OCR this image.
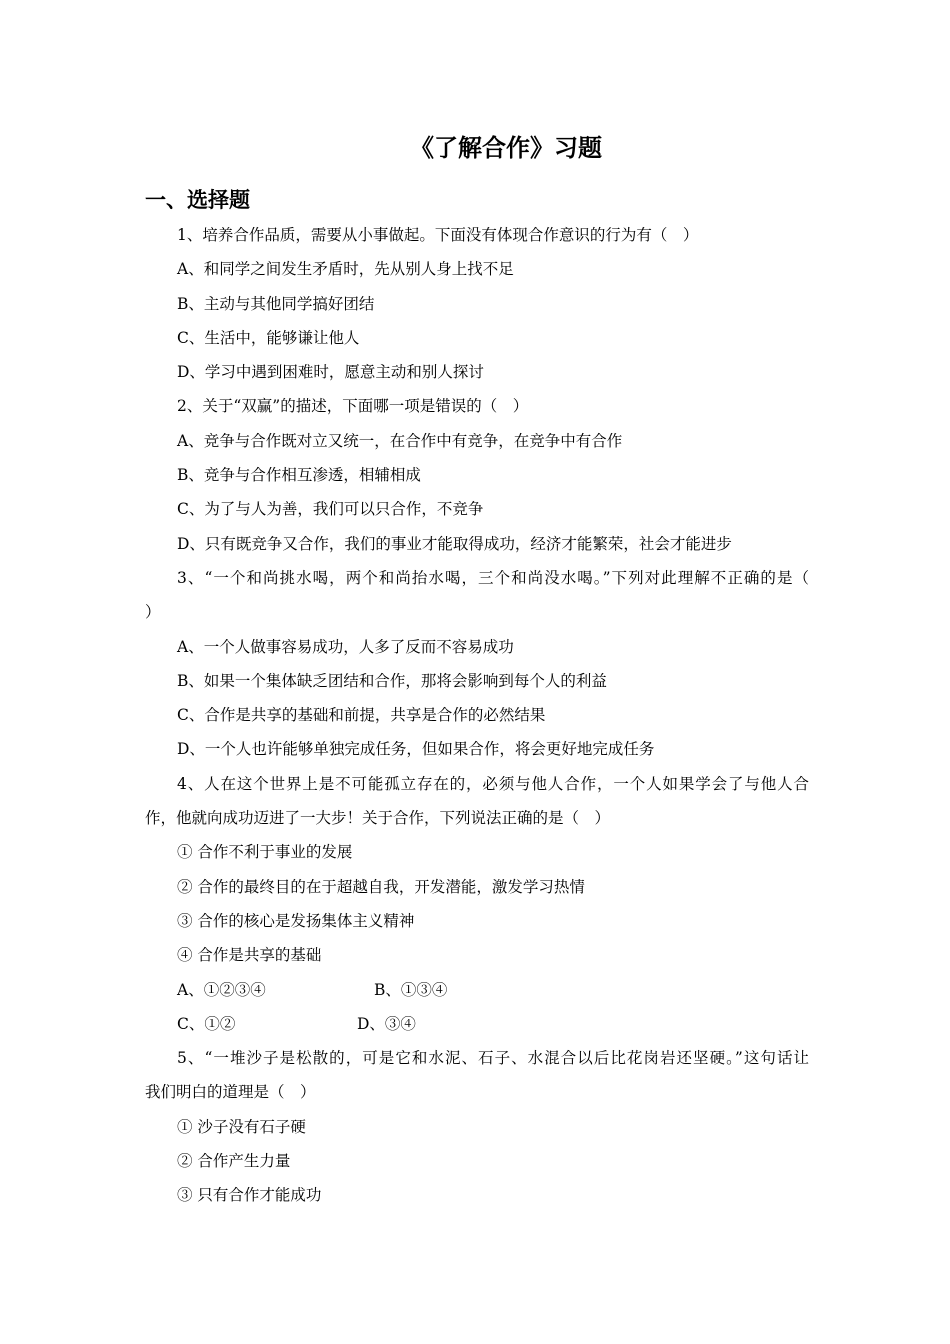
《了解合作》习题
一、选择题
1、培养合作品质，需要从小事做起。下面没有体现合作意识的行为有（　）
A、和同学之间发生矛盾时，先从别人身上找不足
B、主动与其他同学搞好团结
C、生活中，能够谦让他人
D、学习中遇到困难时，愿意主动和别人探讨
2、关于“双赢”的描述，下面哪一项是错误的（　）
A、竞争与合作既对立又统一，在合作中有竞争，在竞争中有合作
B、竞争与合作相互渗透，相辅相成
C、为了与人为善，我们可以只合作，不竞争
D、只有既竞争又合作，我们的事业才能取得成功，经济才能繁荣，社会才能进步
3、“一个和尚挑水喝，两个和尚抬水喝，三个和尚没水喝。”下列对此理解不正确的是（
）
A、一个人做事容易成功，人多了反而不容易成功
B、如果一个集体缺乏团结和合作，那将会影响到每个人的利益
C、合作是共享的基础和前提，共享是合作的必然结果
D、一个人也许能够单独完成任务，但如果合作，将会更好地完成任务
4、人在这个世界上是不可能孤立存在的，必须与他人合作，一个人如果学会了与他人合
作，他就向成功迈进了一大步！关于合作，下列说法正确的是（　）
① 合作不利于事业的发展
② 合作的最终目的在于超越自我，开发潜能，激发学习热情
③ 合作的核心是发扬集体主义精神
④ 合作是共享的基础
A、①②③④	B、①③④
C、①②	D、③④
5、“一堆沙子是松散的，可是它和水泥、石子、水混合以后比花岗岩还坚硬。”这句话让
我们明白的道理是（　）
① 沙子没有石子硬
② 合作产生力量
③ 只有合作才能成功
